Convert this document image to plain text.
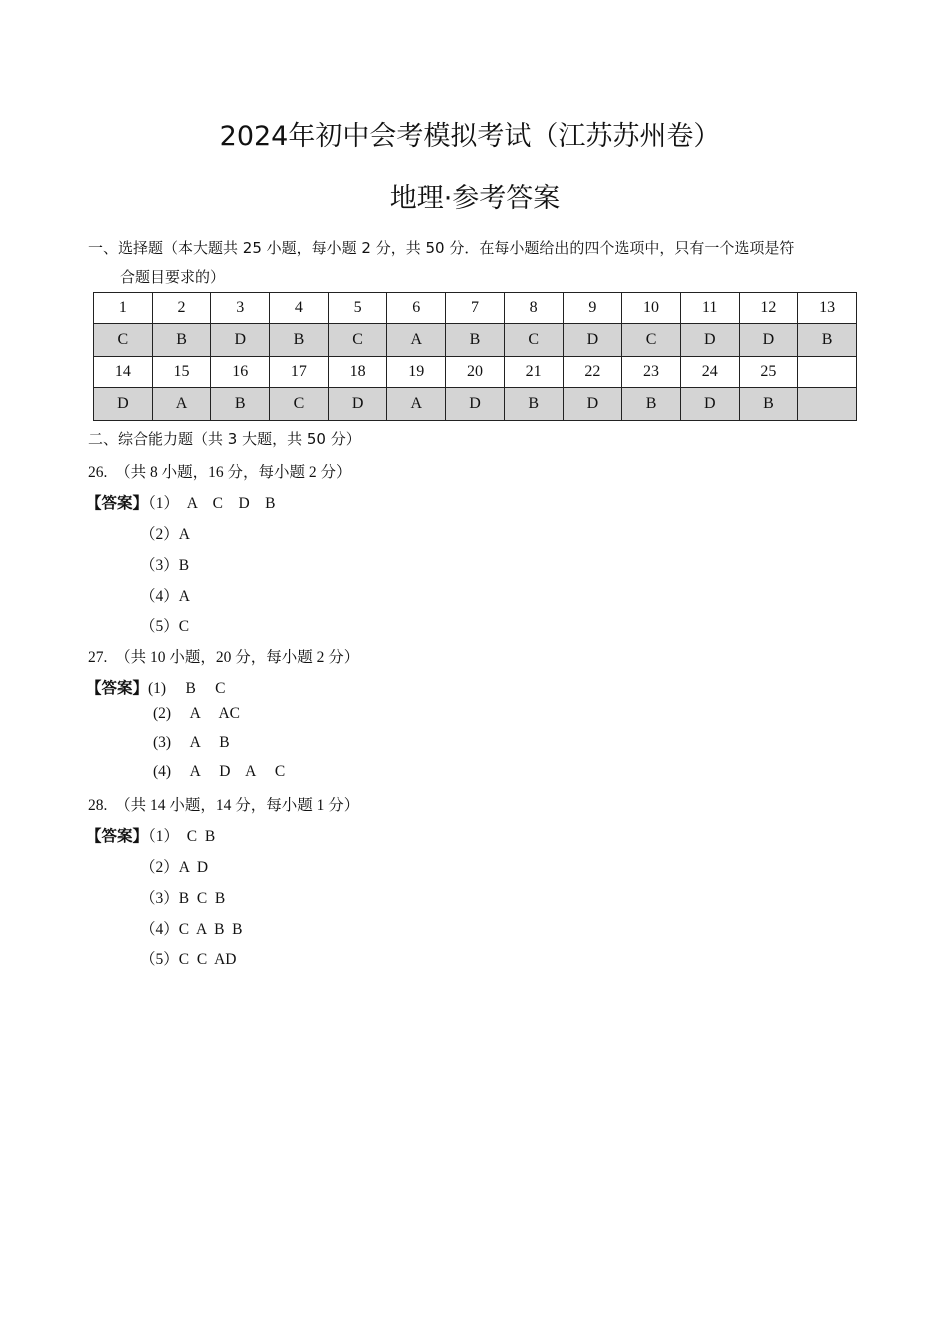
2024年初中会考模拟考试（江苏苏州卷）
地理·参考答案
一、选择题（本大题共 25 小题，每小题 2 分，共 50 分．在每小题给出的四个选项中，只有一个选项是符
合题目要求的）
1	2	3	4	5	6	7	8	9	10	11	12	13
C	B	D	B	C	A	B	C	D	C	D	D	B
14	15	16	17	18	19	20	21	22	23	24	25	
D	A	B	C	D	A	D	B	D	B	D	B	
二、综合能力题（共 3 大题，共 50 分）
26.  （共 8 小题，16 分，每小题 2 分）
【答案】（1）  A    C    D    B
（2）A
（3）B
（4）A
（5）C
27.  （共 10 小题，20 分，每小题 2 分）
【答案】(1)     B     C
(2)     A     AC
(3)     A     B
(4)     A     D    A     C
28.  （共 14 小题，14 分，每小题 1 分）
【答案】（1）  C  B
（2）A  D
（3）B  C  B
（4）C  A  B  B
（5）C  C  AD
